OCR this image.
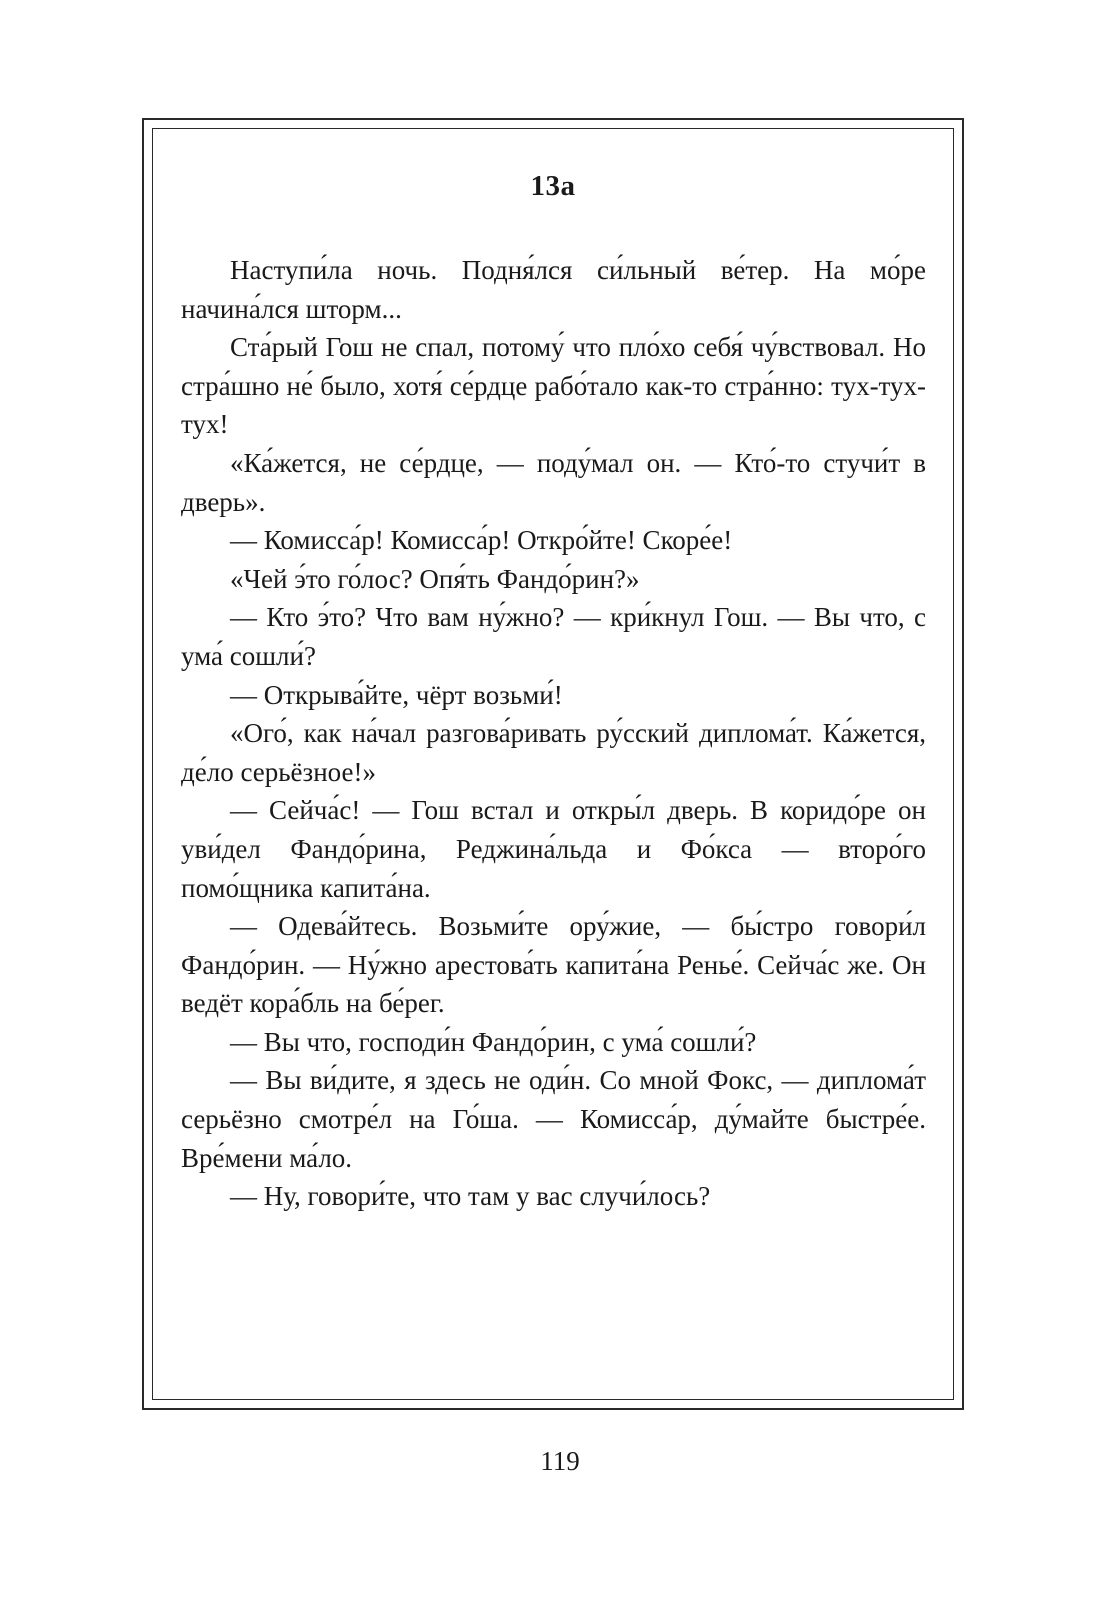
13а

Наступи́ла ночь. Подня́лся си́льный ве́тер. На мо́ре начина́лся шторм...

Ста́рый Гош не спал, потому́ что пло́хо себя́ чу́вствовал. Но стра́шно не́ было, хотя́ се́рдце рабо́тало как-то стра́нно: тух-тух-тух!

«Ка́жется, не се́рдце, — поду́мал он. — Кто́-то стучи́т в дверь».

— Комисса́р! Комисса́р! Откро́йте! Скоре́е!

«Чей э́то го́лос? Опя́ть Фандо́рин?»

— Кто э́то? Что вам ну́жно? — кри́кнул Гош. — Вы что, с ума́ сошли́?

— Открыва́йте, чёрт возьми́!

«Ого́, как на́чал разгова́ривать ру́сский диплома́т. Ка́жется, де́ло серьёзное!»

— Сейча́с! — Гош встал и откры́л дверь. В коридо́ре он уви́дел Фандо́рина, Реджина́льда и Фо́кса — второ́го помо́щника капита́на.

— Одева́йтесь. Возьми́те ору́жие, — бы́стро говори́л Фандо́рин. — Ну́жно арестова́ть капита́на Ренье́. Сейча́с же. Он ведёт кора́бль на бе́рег.

— Вы что, господи́н Фандо́рин, с ума́ сошли́?

— Вы ви́дите, я здесь не оди́н. Со мной Фокс, — диплома́т серьёзно смотре́л на Го́ша. — Комисса́р, ду́майте быстре́е. Вре́мени ма́ло.

— Ну, говори́те, что там у вас случи́лось?

119
